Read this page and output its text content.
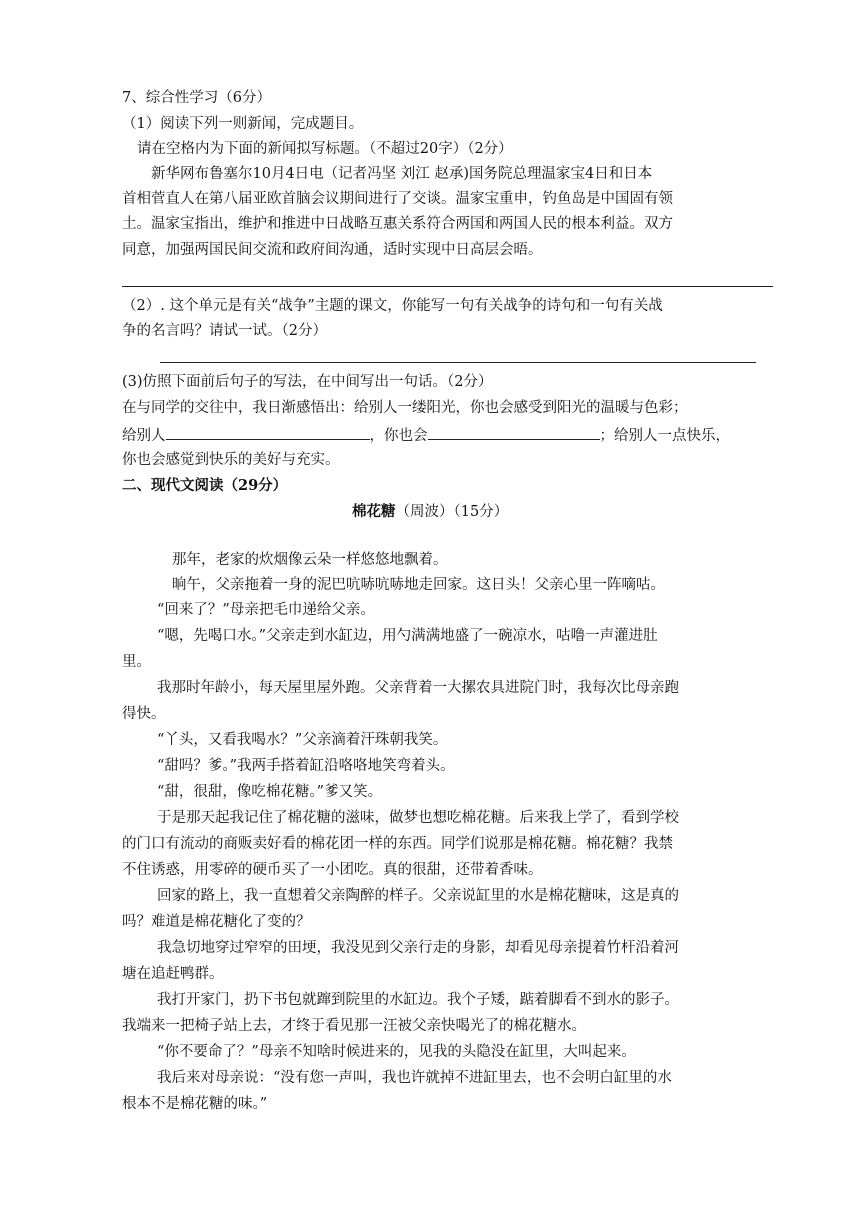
7、综合性学习（6分）
（1）阅读下列一则新闻，完成题目。
请在空格内为下面的新闻拟写标题。（不超过20字）（2分）
新华网布鲁塞尔10月4日电（记者冯坚 刘江 赵承)国务院总理温家宝4日和日本
首相菅直人在第八届亚欧首脑会议期间进行了交谈。温家宝重申，钓鱼岛是中国固有领
土。温家宝指出，维护和推进中日战略互惠关系符合两国和两国人民的根本利益。双方
同意，加强两国民间交流和政府间沟通，适时实现中日高层会晤。
（2）. 这个单元是有关“战争”主题的课文，你能写一句有关战争的诗句和一句有关战
争的名言吗？请试一试。（2分）
(3)仿照下面前后句子的写法，在中间写出一句话。（2分）
在与同学的交往中，我日渐感悟出：给别人一缕阳光，你也会感受到阳光的温暖与色彩；
给别人	，你也会	；给别人一点快乐，
你也会感觉到快乐的美好与充实。
二、现代文阅读（29分）
棉花糖（周波）（15分）
那年，老家的炊烟像云朵一样悠悠地飘着。
晌午，父亲拖着一身的泥巴吭哧吭哧地走回家。这日头！父亲心里一阵嘀咕。
“回来了？”母亲把毛巾递给父亲。
“嗯，先喝口水。”父亲走到水缸边，用勺满满地盛了一碗凉水，咕噜一声灌进肚
里。
我那时年龄小，每天屋里屋外跑。父亲背着一大摞农具进院门时，我每次比母亲跑
得快。
“丫头，又看我喝水？”父亲滴着汗珠朝我笑。
“甜吗？爹。”我两手搭着缸沿咯咯地笑弯着头。
“甜，很甜，像吃棉花糖。”爹又笑。
于是那天起我记住了棉花糖的滋味，做梦也想吃棉花糖。后来我上学了，看到学校
的门口有流动的商贩卖好看的棉花团一样的东西。同学们说那是棉花糖。棉花糖？我禁
不住诱惑，用零碎的硬币买了一小团吃。真的很甜，还带着香味。
回家的路上，我一直想着父亲陶醉的样子。父亲说缸里的水是棉花糖味，这是真的
吗？难道是棉花糖化了变的？
我急切地穿过窄窄的田埂，我没见到父亲行走的身影，却看见母亲提着竹杆沿着河
塘在追赶鸭群。
我打开家门，扔下书包就蹿到院里的水缸边。我个子矮，踮着脚看不到水的影子。
我端来一把椅子站上去，才终于看见那一汪被父亲快喝光了的棉花糖水。
“你不要命了？”母亲不知啥时候进来的，见我的头隐没在缸里，大叫起来。
我后来对母亲说：“没有您一声叫，我也许就掉不进缸里去，也不会明白缸里的水
根本不是棉花糖的味。”
